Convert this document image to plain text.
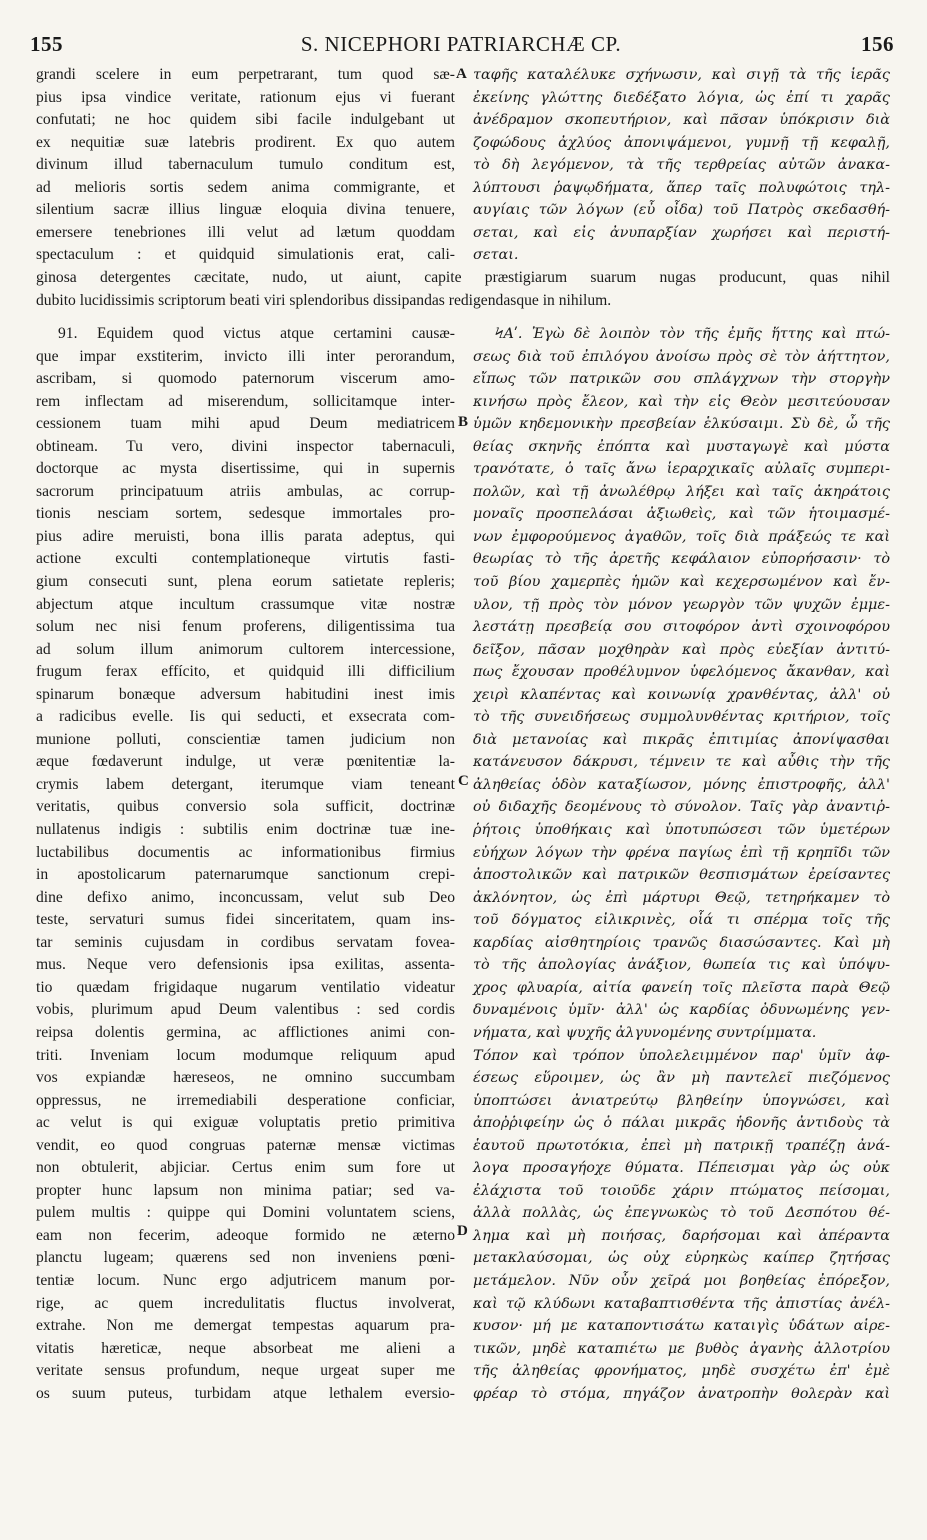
155	S. NICEPHORI PATRIARCHÆ CP.	156
grandi scelere in eum perpetrarant, tum quod sæ-
pius ipsa vindice veritate, rationum ejus vi fuerant
confutati; ne hoc quidem sibi facile indulgebant ut
ex nequitiæ suæ latebris prodirent. Ex quo autem
divinum illud tabernaculum tumulo conditum est,
ad melioris sortis sedem anima commigrante, et
silentium sacræ illius linguæ eloquia divina tenuere,
emersere tenebriones illi velut ad lætum quoddam
spectaculum : et quidquid simulationis erat, cali-
ταφῆς καταλέλυκε σχήνωσιν, καὶ σιγῇ τὰ τῆς ἱερᾶς
ἐκείνης γλώττης διεδέξατο λόγια, ὡς ἐπί τι χαρᾶς
ἀνέδραμον σκοπευτήριον, καὶ πᾶσαν ὑπόκρισιν διὰ
ζοφώδους ἀχλύος ἀπονιψάμενοι, γυμνῇ τῇ κεφαλῇ,
τὸ δὴ λεγόμενον, τὰ τῆς τερθρείας αὐτῶν ἀνακα-
λύπτουσι ῥαψῳδήματα, ἅπερ ταῖς πολυφώτοις τηλ-
αυγίαις τῶν λόγων (εὖ οἶδα) τοῦ Πατρὸς σκεδασθή-
σεται, καὶ εἰς ἀνυπαρξίαν χωρήσει καὶ περιστή-
σεται.
ginosa detergentes cæcitate, nudo, ut aiunt, capite præstigiarum suarum nugas producunt, quas nihil
dubito lucidissimis scriptorum beati viri splendoribus dissipandas redigendasque in nihilum.
91. Equidem quod victus atque certamini causæ-
que impar exstiterim, invicto illi inter perorandum,
ascribam, si quomodo paternorum viscerum amo-
rem inflectam ad miserendum, sollicitamque inter-
cessionem tuam mihi apud Deum mediatricem
obtineam. Tu vero, divini inspector tabernaculi,
doctorque ac mysta disertissime, qui in supernis
sacrorum principatuum atriis ambulas, ac corrup-
tionis nesciam sortem, sedesque immortales pro-
pius adire meruisti, bona illis parata adeptus, qui
actione exculti contemplationeque virtutis fasti-
gium consecuti sunt, plena eorum satietate repleris;
abjectum atque incultum crassumque vitæ nostræ
solum nec nisi fenum proferens, diligentissima tua
ad solum illum animorum cultorem intercessione,
frugum ferax effícito, et quidquid illi difficilium
spinarum bonæque adversum habitudini inest imis
a radicibus evelle. Iis qui seducti, et exsecrata com-
munione polluti, conscientiæ tamen judicium non
æque fœdaverunt indulge, ut veræ pœnitentiæ la-
crymis labem detergant, iterumque viam teneant
veritatis, quibus conversio sola sufficit, doctrinæ
nullatenus indigis : subtilis enim doctrinæ tuæ ine-
luctabilibus documentis ac informationibus firmius
in apostolicarum paternarumque sanctionum crepi-
dine defixo animo, inconcussam, velut sub Deo
teste, servaturi sumus fidei sinceritatem, quam ins-
tar seminis cujusdam in cordibus servatam fovea-
mus. Neque vero defensionis ipsa exilitas, assenta-
tio quædam frigidaque nugarum ventilatio videatur
vobis, plurimum apud Deum valentibus : sed cordis
reipsa dolentis germina, ac afflictiones animi con-
triti. Inveniam locum modumque reliquum apud
vos expiandæ hæreseos, ne omnino succumbam
oppressus, ne irremediabili desperatione conficiar,
ac velut is qui exiguæ voluptatis pretio primitiva
vendit, eo quod congruas paternæ mensæ victimas
non obtulerit, abjiciar. Certus enim sum fore ut
propter hunc lapsum non minima patiar; sed va-
pulem multis : quippe qui Domini voluntatem sciens,
eam non fecerim, adeoque formido ne æterno
planctu lugeam; quærens sed non inveniens pœni-
tentiæ locum. Nunc ergo adjutricem manum por-
rige, ac quem incredulitatis fluctus involverat,
extrahe. Non me demergat tempestas aquarum pra-
vitatis hæreticæ, neque absorbeat me alieni a
veritate sensus profundum, neque urgeat super me
os suum puteus, turbidam atque lethalem eversio-
ϞΑʹ. Ἐγὼ δὲ λοιπὸν τὸν τῆς ἐμῆς ἥττης καὶ πτώ-
σεως διὰ τοῦ ἐπιλόγου ἀνοίσω πρὸς σὲ τὸν ἀήττητον,
εἴπως τῶν πατρικῶν σου σπλάγχνων τὴν στοργὴν
κινήσω πρὸς ἔλεον, καὶ τὴν εἰς Θεὸν μεσιτεύουσαν
ὑμῶν κηδεμονικὴν πρεσβείαν ἑλκύσαιμι. Σὺ δὲ, ὦ τῆς
θείας σκηνῆς ἐπόπτα καὶ μυσταγωγὲ καὶ μύστα
τρανότατε, ὁ ταῖς ἄνω ἱεραρχικαῖς αὐλαῖς συμπερι-
πολῶν, καὶ τῇ ἀνωλέθρῳ λήξει καὶ ταῖς ἀκηράτοις
μοναῖς προσπελάσαι ἀξιωθεὶς, καὶ τῶν ἡτοιμασμέ-
νων ἐμφορούμενος ἀγαθῶν, τοῖς διὰ πράξεώς τε καὶ
θεωρίας τὸ τῆς ἀρετῆς κεφάλαιον εὐπορήσασιν· τὸ
τοῦ βίου χαμερπὲς ἡμῶν καὶ κεχερσωμένον καὶ ἔν-
υλον, τῇ πρὸς τὸν μόνον γεωργὸν τῶν ψυχῶν ἐμμε-
λεστάτῃ πρεσβείᾳ σου σιτοφόρον ἀντὶ σχοινοφόρου
δεῖξον, πᾶσαν μοχθηρὰν καὶ πρὸς εὐεξίαν ἀντιτύ-
πως ἔχουσαν προθέλυμνον ὑφελόμενος ἄκανθαν, καὶ
χειρὶ κλαπέντας καὶ κοινωνίᾳ χρανθέντας, ἀλλ' οὐ
τὸ τῆς συνειδήσεως συμμολυνθέντας κριτήριον, τοῖς
διὰ μετανοίας καὶ πικρᾶς ἐπιτιμίας ἀπονίψασθαι
κατάνευσον δάκρυσι, τέμνειν τε καὶ αὖθις τὴν τῆς
ἀληθείας ὁδὸν καταξίωσον, μόνης ἐπιστροφῆς, ἀλλ'
οὐ διδαχῆς δεομένους τὸ σύνολον. Ταῖς γὰρ ἀναντιῤ-
ῥήτοις ὑποθήκαις καὶ ὑποτυπώσεσι τῶν ὑμετέρων
εὐήχων λόγων τὴν φρένα παγίως ἐπὶ τῇ κρηπῖδι τῶν
ἀποστολικῶν καὶ πατρικῶν θεσπισμάτων ἐρείσαντες
ἀκλόνητον, ὡς ἐπὶ μάρτυρι Θεῷ, τετηρήκαμεν τὸ
τοῦ δόγματος εἰλικρινὲς, οἷά τι σπέρμα τοῖς τῆς
καρδίας αἰσθητηρίοις τρανῶς διασώσαντες. Καὶ μὴ
τὸ τῆς ἀπολογίας ἀνάξιον, θωπεία τις καὶ ὑπόψυ-
χρος φλυαρία, αἰτία φανείη τοῖς πλεῖστα παρὰ Θεῷ
δυναμένοις ὑμῖν· ἀλλ' ὡς καρδίας ὀδυνωμένης γεν-
νήματα, καὶ ψυχῆς ἀλγυνομένης συντρίμματα.
Τόπον καὶ τρόπον ὑπολελειμμένον παρ' ὑμῖν ἀφ-
έσεως εὕροιμεν, ὡς ἂν μὴ παντελεῖ πιεζόμενος
ὑποπτώσει ἀνιατρεύτῳ βληθείην ὑπογνώσει, καὶ
ἀποῤῥιφείην ὡς ὁ πάλαι μικρᾶς ἡδονῆς ἀντιδοὺς τὰ
ἑαυτοῦ πρωτοτόκια, ἐπεὶ μὴ πατρικῇ τραπέζῃ ἀνά-
λογα προσαγήοχε θύματα. Πέπεισμαι γὰρ ὡς οὐκ
ἐλάχιστα τοῦ τοιοῦδε χάριν πτώματος πείσομαι,
ἀλλὰ πολλὰς, ὡς ἐπεγνωκὼς τὸ τοῦ Δεσπότου θέ-
λημα καὶ μὴ ποιήσας, δαρήσομαι καὶ ἀπέραντα
μετακλαύσομαι, ὡς οὐχ εὑρηκὼς καίπερ ζητήσας
μετάμελον. Νῦν οὖν χεῖρά μοι βοηθείας ἐπόρεξον,
καὶ τῷ κλύδωνι καταβαπτισθέντα τῆς ἀπιστίας ἀνέλ-
κυσον· μή με καταποντισάτω καταιγὶς ὑδάτων αἱρε-
τικῶν, μηδὲ καταπιέτω με βυθὸς ἀγανὴς ἀλλοτρίου
τῆς ἀληθείας φρονήματος, μηδὲ συσχέτω ἐπ' ἐμὲ
φρέαρ τὸ στόμα, πηγάζον ἀνατροπὴν θολερὰν καὶ
A
B
C
D
